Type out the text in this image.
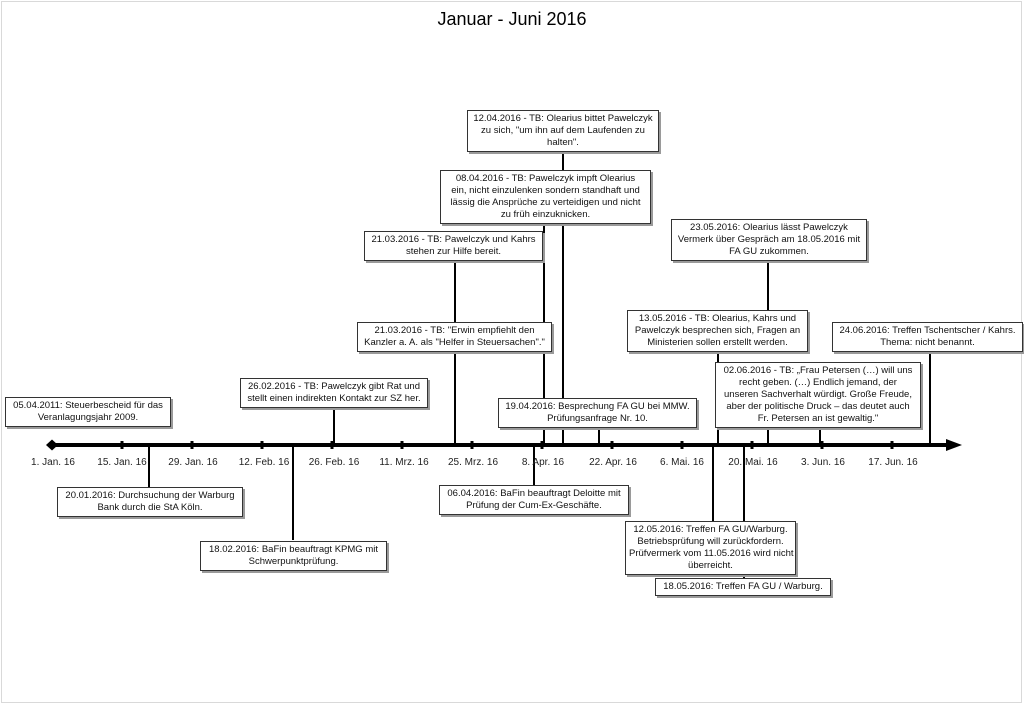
Januar - Juni 2016
1. Jan. 16 15. Jan. 16 29. Jan. 16 12. Feb. 16 26. Feb. 16 11. Mrz. 16 25. Mrz. 16 8. Apr. 16 22. Apr. 16 6. Mai. 16 20. Mai. 16 3. Jun. 16 17. Jun. 16
05.04.2011: Steuerbescheid für das
Veranlagungsjahr 2009.
20.01.2016: Durchsuchung der Warburg
Bank durch die StA Köln.
18.02.2016: BaFin beauftragt KPMG mit
Schwerpunktprüfung.
26.02.2016 - TB: Pawelczyk gibt Rat und
stellt einen indirekten Kontakt zur SZ her.
21.03.2016 - TB: "Erwin empfiehlt den
Kanzler a. A. als "Helfer in Steuersachen"."
21.03.2016 - TB: Pawelczyk und Kahrs
stehen zur Hilfe bereit.
06.04.2016: BaFin beauftragt Deloitte mit
Prüfung der Cum-Ex-Geschäfte.
08.04.2016 - TB: Pawelczyk impft Olearius
ein, nicht einzulenken sondern standhaft und
lässig die Ansprüche zu verteidigen und nicht
zu früh einzuknicken.
12.04.2016 - TB: Olearius bittet Pawelczyk
zu sich, "um ihn auf dem Laufenden zu
halten".
19.04.2016: Besprechung FA GU bei MMW.
Prüfungsanfrage Nr. 10.
12.05.2016: Treffen FA GU/Warburg.
Betriebsprüfung will zurückfordern.
Prüfvermerk vom 11.05.2016 wird nicht
überreicht.
13.05.2016 - TB: Olearius, Kahrs und
Pawelczyk besprechen sich, Fragen an
Ministerien sollen erstellt werden.
18.05.2016: Treffen FA GU / Warburg.
23.05.2016: Olearius lässt Pawelczyk
Vermerk über Gespräch am 18.05.2016 mit
FA GU zukommen.
02.06.2016 - TB: „Frau Petersen (…) will uns
recht geben. (…) Endlich jemand, der
unseren Sachverhalt würdigt. Große Freude,
aber der politische Druck – das deutet auch
Fr. Petersen an ist gewaltig."
24.06.2016: Treffen Tschentscher / Kahrs.
Thema: nicht benannt.
